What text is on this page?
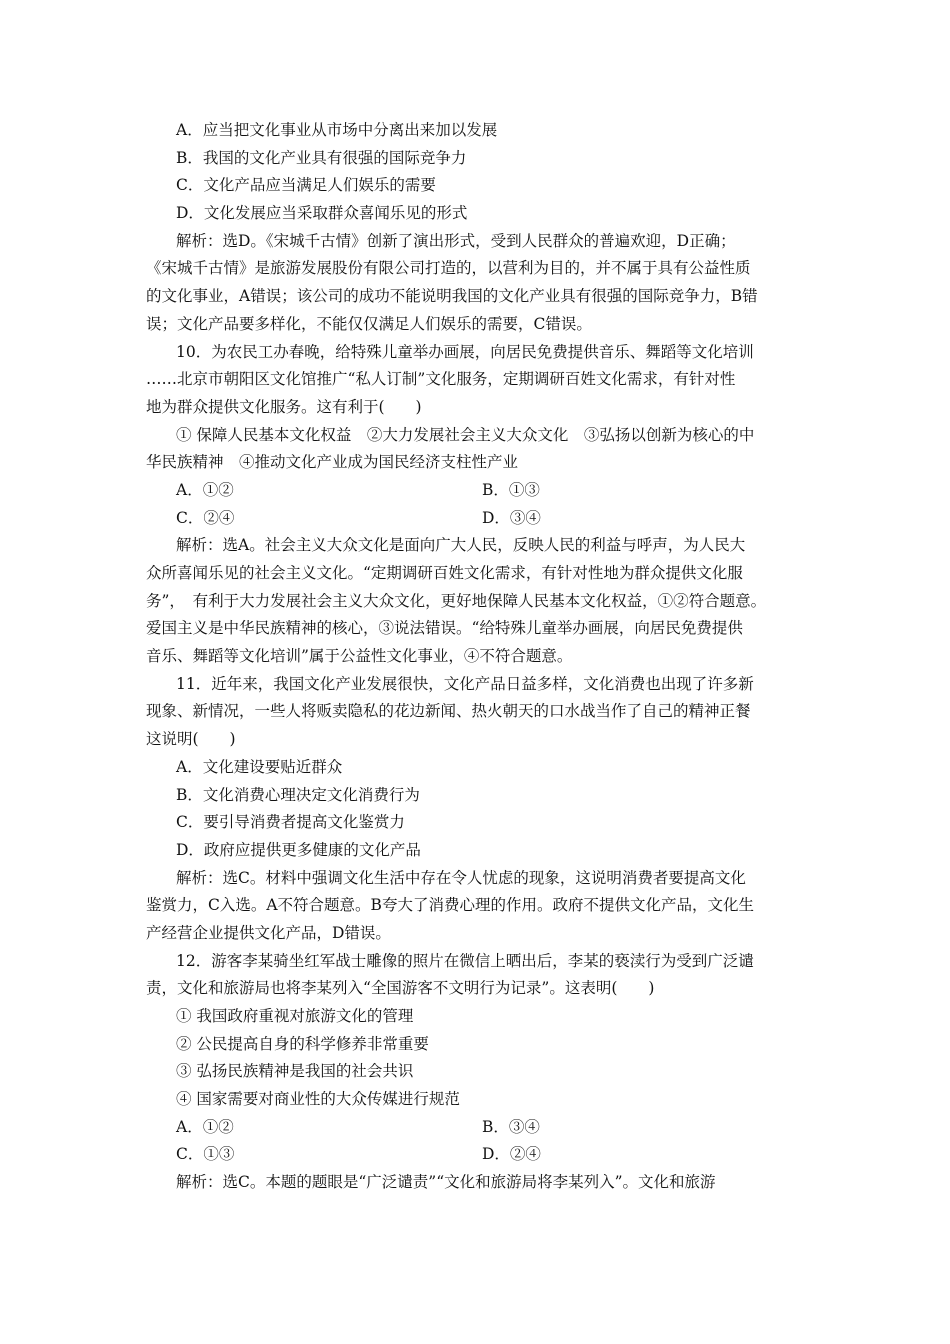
A．应当把文化事业从市场中分离出来加以发展
B．我国的文化产业具有很强的国际竞争力
C．文化产品应当满足人们娱乐的需要
D．文化发展应当采取群众喜闻乐见的形式
解析：选D。《宋城千古情》创新了演出形式，受到人民群众的普遍欢迎，D正确；
《宋城千古情》是旅游发展股份有限公司打造的，以营利为目的，并不属于具有公益性质
的文化事业，A错误；该公司的成功不能说明我国的文化产业具有很强的国际竞争力，B错
误；文化产品要多样化，不能仅仅满足人们娱乐的需要，C错误。
10．为农民工办春晚，给特殊儿童举办画展，向居民免费提供音乐、舞蹈等文化培训
……北京市朝阳区文化馆推广“私人订制”文化服务，定期调研百姓文化需求，有针对性
地为群众提供文化服务。这有利于(　　)
① 保障人民基本文化权益　②大力发展社会主义大众文化　③弘扬以创新为核心的中
华民族精神　④推动文化产业成为国民经济支柱性产业
A．①②	B．①③
C．②④	D．③④
解析：选A。社会主义大众文化是面向广大人民，反映人民的利益与呼声，为人民大
众所喜闻乐见的社会主义文化。“定期调研百姓文化需求，有针对性地为群众提供文化服
务”，　有利于大力发展社会主义大众文化，更好地保障人民基本文化权益，①②符合题意。
爱国主义是中华民族精神的核心，③说法错误。“给特殊儿童举办画展，向居民免费提供
音乐、舞蹈等文化培训”属于公益性文化事业，④不符合题意。
11．近年来，我国文化产业发展很快，文化产品日益多样，文化消费也出现了许多新
现象、新情况，一些人将贩卖隐私的花边新闻、热火朝天的口水战当作了自己的精神正餐
这说明(　　)
A．文化建设要贴近群众
B．文化消费心理决定文化消费行为
C．要引导消费者提高文化鉴赏力
D．政府应提供更多健康的文化产品
解析：选C。材料中强调文化生活中存在令人忧虑的现象，这说明消费者要提高文化
鉴赏力，C入选。A不符合题意。B夸大了消费心理的作用。政府不提供文化产品，文化生
产经营企业提供文化产品，D错误。
12．游客李某骑坐红军战士雕像的照片在微信上晒出后，李某的亵渎行为受到广泛谴
责，文化和旅游局也将李某列入“全国游客不文明行为记录”。这表明(　　)
① 我国政府重视对旅游文化的管理
② 公民提高自身的科学修养非常重要
③ 弘扬民族精神是我国的社会共识
④ 国家需要对商业性的大众传媒进行规范
A．①②	B．③④
C．①③	D．②④
解析：选C。本题的题眼是“广泛谴责”“文化和旅游局将李某列入”。文化和旅游
